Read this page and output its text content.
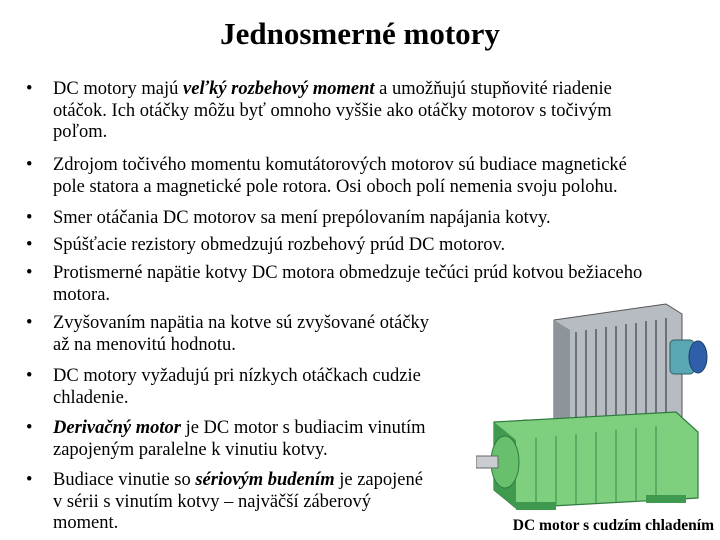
Jednosmerné motory
• DC motory majú veľký rozbehový moment a umožňujú stupňovité riadenie
otáčok. Ich otáčky môžu byť omnoho vyššie ako otáčky motorov s točivým
poľom.
• Zdrojom točivého momentu komutátorových motorov sú budiace magnetické
pole statora a magnetické pole rotora. Osi oboch polí nemenia svoju polohu.
• Smer otáčania DC motorov sa mení prepólovaním napájania kotvy.
• Spúšťacie rezistory obmedzujú rozbehový prúd DC motorov.
• Protismerné napätie kotvy DC motora obmedzuje tečúci prúd kotvou bežiaceho
motora.
• Zvyšovaním napätia na kotve sú zvyšované otáčky
až na menovitú hodnotu.
• DC motory vyžadujú pri nízkych otáčkach cudzie
chladenie.
• Derivačný motor je DC motor s budiacim vinutím
zapojeným paralelne k vinutiu kotvy.
• Budiace vinutie so sériovým budením je zapojené
v sérii s vinutím kotvy – najväčší záberový
moment.	DC motor s cudzím chladením
